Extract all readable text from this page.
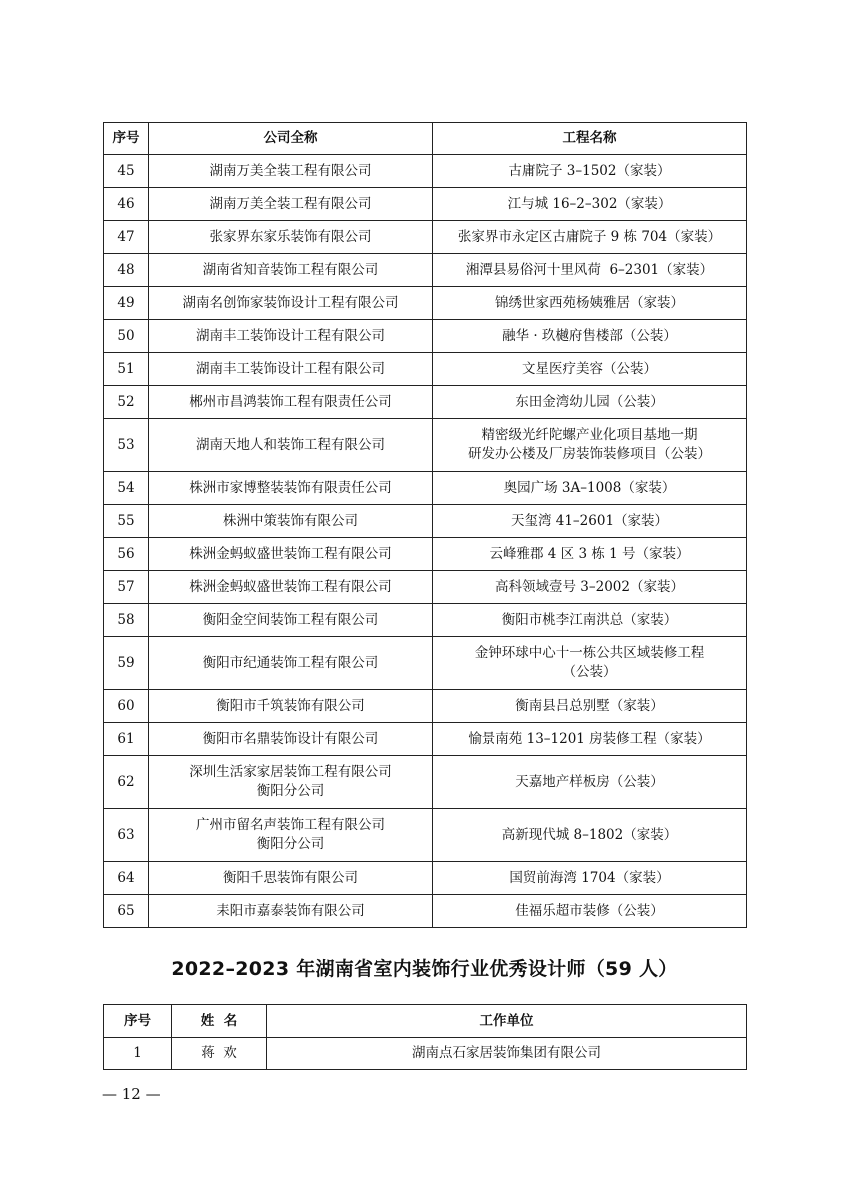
序号	公司全称	工程名称
45	湖南万美全装工程有限公司	古庸院子 3–1502（家装）

46	湖南万美全装工程有限公司	江与城 16–2–302（家装）

47	张家界东家乐装饰有限公司	张家界市永定区古庸院子 9 栋 704（家装）

48	湖南省知音装饰工程有限公司	湘潭县易俗河十里风荷  6–2301（家装）

49	湖南名创饰家装饰设计工程有限公司	锦绣世家西苑杨姨雅居（家装）

50	湖南丰工装饰设计工程有限公司	融华 · 玖樾府售楼部（公装）

51	湖南丰工装饰设计工程有限公司	文星医疗美容（公装）

52	郴州市昌鸿装饰工程有限责任公司	东田金湾幼儿园（公装）

53	湖南天地人和装饰工程有限公司	精密级光纤陀螺产业化项目基地一期
研发办公楼及厂房装饰装修项目（公装）

54	株洲市家博整装装饰有限责任公司	奥园广场 3A–1008（家装）

55	株洲中策装饰有限公司	天玺湾 41–2601（家装）

56	株洲金蚂蚁盛世装饰工程有限公司	云峰雅郡 4 区 3 栋 1 号（家装）

57	株洲金蚂蚁盛世装饰工程有限公司	高科领域壹号 3–2002（家装）

58	衡阳金空间装饰工程有限公司	衡阳市桃李江南洪总（家装）

59	衡阳市纪通装饰工程有限公司	金钟环球中心十一栋公共区域装修工程
（公装）

60	衡阳市千筑装饰有限公司	衡南县吕总别墅（家装）

61	衡阳市名鼎装饰设计有限公司	愉景南苑 13–1201 房装修工程（家装）

62	深圳生活家家居装饰工程有限公司
衡阳分公司	天嘉地产样板房（公装）

63	广州市留名声装饰工程有限公司
衡阳分公司	高新现代城 8–1802（家装）

64	衡阳千思装饰有限公司	国贸前海湾 1704（家装）

65	耒阳市嘉泰装饰有限公司	佳福乐超市装修（公装）
2022–2023 年湖南省室内装饰行业优秀设计师（59 人）
序号	姓  名	工作单位
1	蒋  欢	湖南点石家居装饰集团有限公司
— 12 —
